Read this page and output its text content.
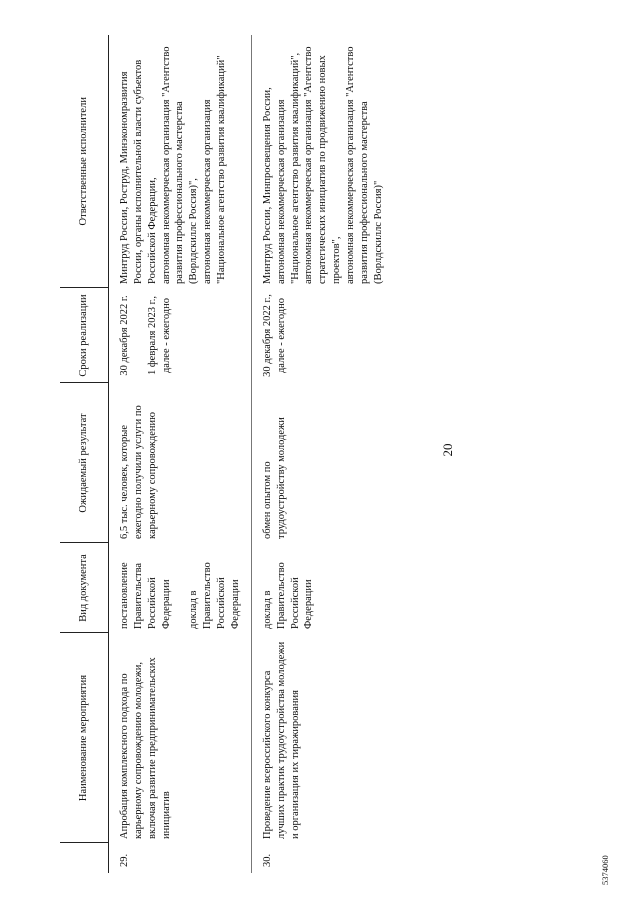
20
	Наименование мероприятия	Вид документа	Ожидаемый результат	Сроки реализации	Ответственные исполнители
29.	Апробация комплексного подхода по карьерному сопровождению молодежи, включая развитие предпринимательских инициатив	постановление Правительства Российской Федерации доклад в Правительство Российской Федерации	6,5 тыс. человек, которые ежегодно получили услуги по карьерному сопровождению	30 декабря 2022 г. 1 февраля 2023 г., далее - ежегодно	Минтруд России, Роструд, Минэкономразвития России, органы исполнительной власти субъектов Российской Федерации, автономная некоммерческая организация "Агентство развития профессионального мастерства (Ворлдскиллс Россия)", автономная некоммерческая организация "Национальное агентство развития квалификаций"

30.	Проведение всероссийского конкурса лучших практик трудоустройства молодежи и организация их тиражирования	доклад в Правительство Российской Федерации	обмен опытом по трудоустройству молодежи	30 декабря 2022 г., далее - ежегодно	Минтруд России, Минпросвещения России, автономная некоммерческая организация "Национальное агентство развития квалификаций", автономная некоммерческая организация "Агентство стратегических инициатив по продвижению новых проектов", автономная некоммерческая организация "Агентство развития профессионального мастерства (Ворлдскиллс Россия)"
5374060
